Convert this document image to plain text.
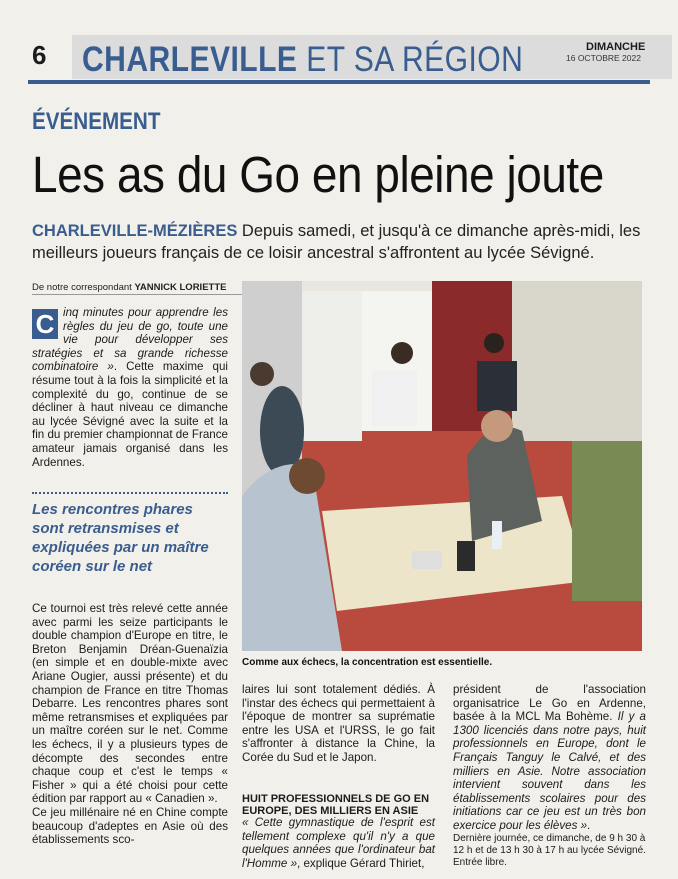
6 CHARLEVILLE ET SA RÉGION	DIMANCHE
16 OCTOBRE 2022
ÉVÉNEMENT
Les as du Go en pleine joute
CHARLEVILLE-MÉZIÈRES Depuis samedi, et jusqu'à ce dimanche après-midi, les meilleurs joueurs français de ce loisir ancestral s'affrontent au lycée Sévigné.
De notre correspondant YANNICK LORIETTE
C inq minutes pour apprendre les règles du jeu de go, toute une vie pour développer ses stratégies et sa grande richesse combinatoire ». Cette maxime qui résume tout à la fois la simplicité et la complexité du go, continue de se décliner à haut niveau ce dimanche au lycée Sévigné avec la suite et la fin du premier championnat de France amateur jamais organisé dans les Ardennes.
Les rencontres phares sont retransmises et expliquées par un maître coréen sur le net
Ce tournoi est très relevé cette année avec parmi les seize participants le double champion d'Europe en titre, le Breton Benjamin Dréan-Guenaïzia (en simple et en double-mixte avec Ariane Ougier, aussi présente) et du champion de France en titre Thomas Debarre. Les rencontres phares sont même retransmises et expliquées par un maître coréen sur le net. Comme les échecs, il y a plusieurs types de décompte des secondes entre chaque coup et c'est le temps « Fisher » qui a été choisi pour cette édition par rapport au « Canadien ».
Ce jeu millénaire né en Chine compte beaucoup d'adeptes en Asie où des établissements sco-
Comme aux échecs, la concentration est essentielle.
laires lui sont totalement dédiés. À l'instar des échecs qui permettaient à l'époque de montrer sa suprématie entre les USA et l'URSS, le go fait s'affronter à distance la Chine, la Corée du Sud et le Japon.
HUIT PROFESSIONNELS DE GO EN EUROPE, DES MILLIERS EN ASIE
« Cette gymnastique de l'esprit est tellement complexe qu'il n'y a que quelques années que l'ordinateur bat l'Homme », explique Gérard Thiriet,
président de l'association organisatrice Le Go en Ardenne, basée à la MCL Ma Bohème. Il y a 1300 licenciés dans notre pays, huit professionnels en Europe, dont le Français Tanguy le Calvé, et des milliers en Asie. Notre association intervient souvent dans les établissements scolaires pour des initiations car ce jeu est un très bon exercice pour les élèves ».
Dernière journée, ce dimanche, de 9 h 30 à 12 h et de 13 h 30 à 17 h au lycée Sévigné. Entrée libre.
